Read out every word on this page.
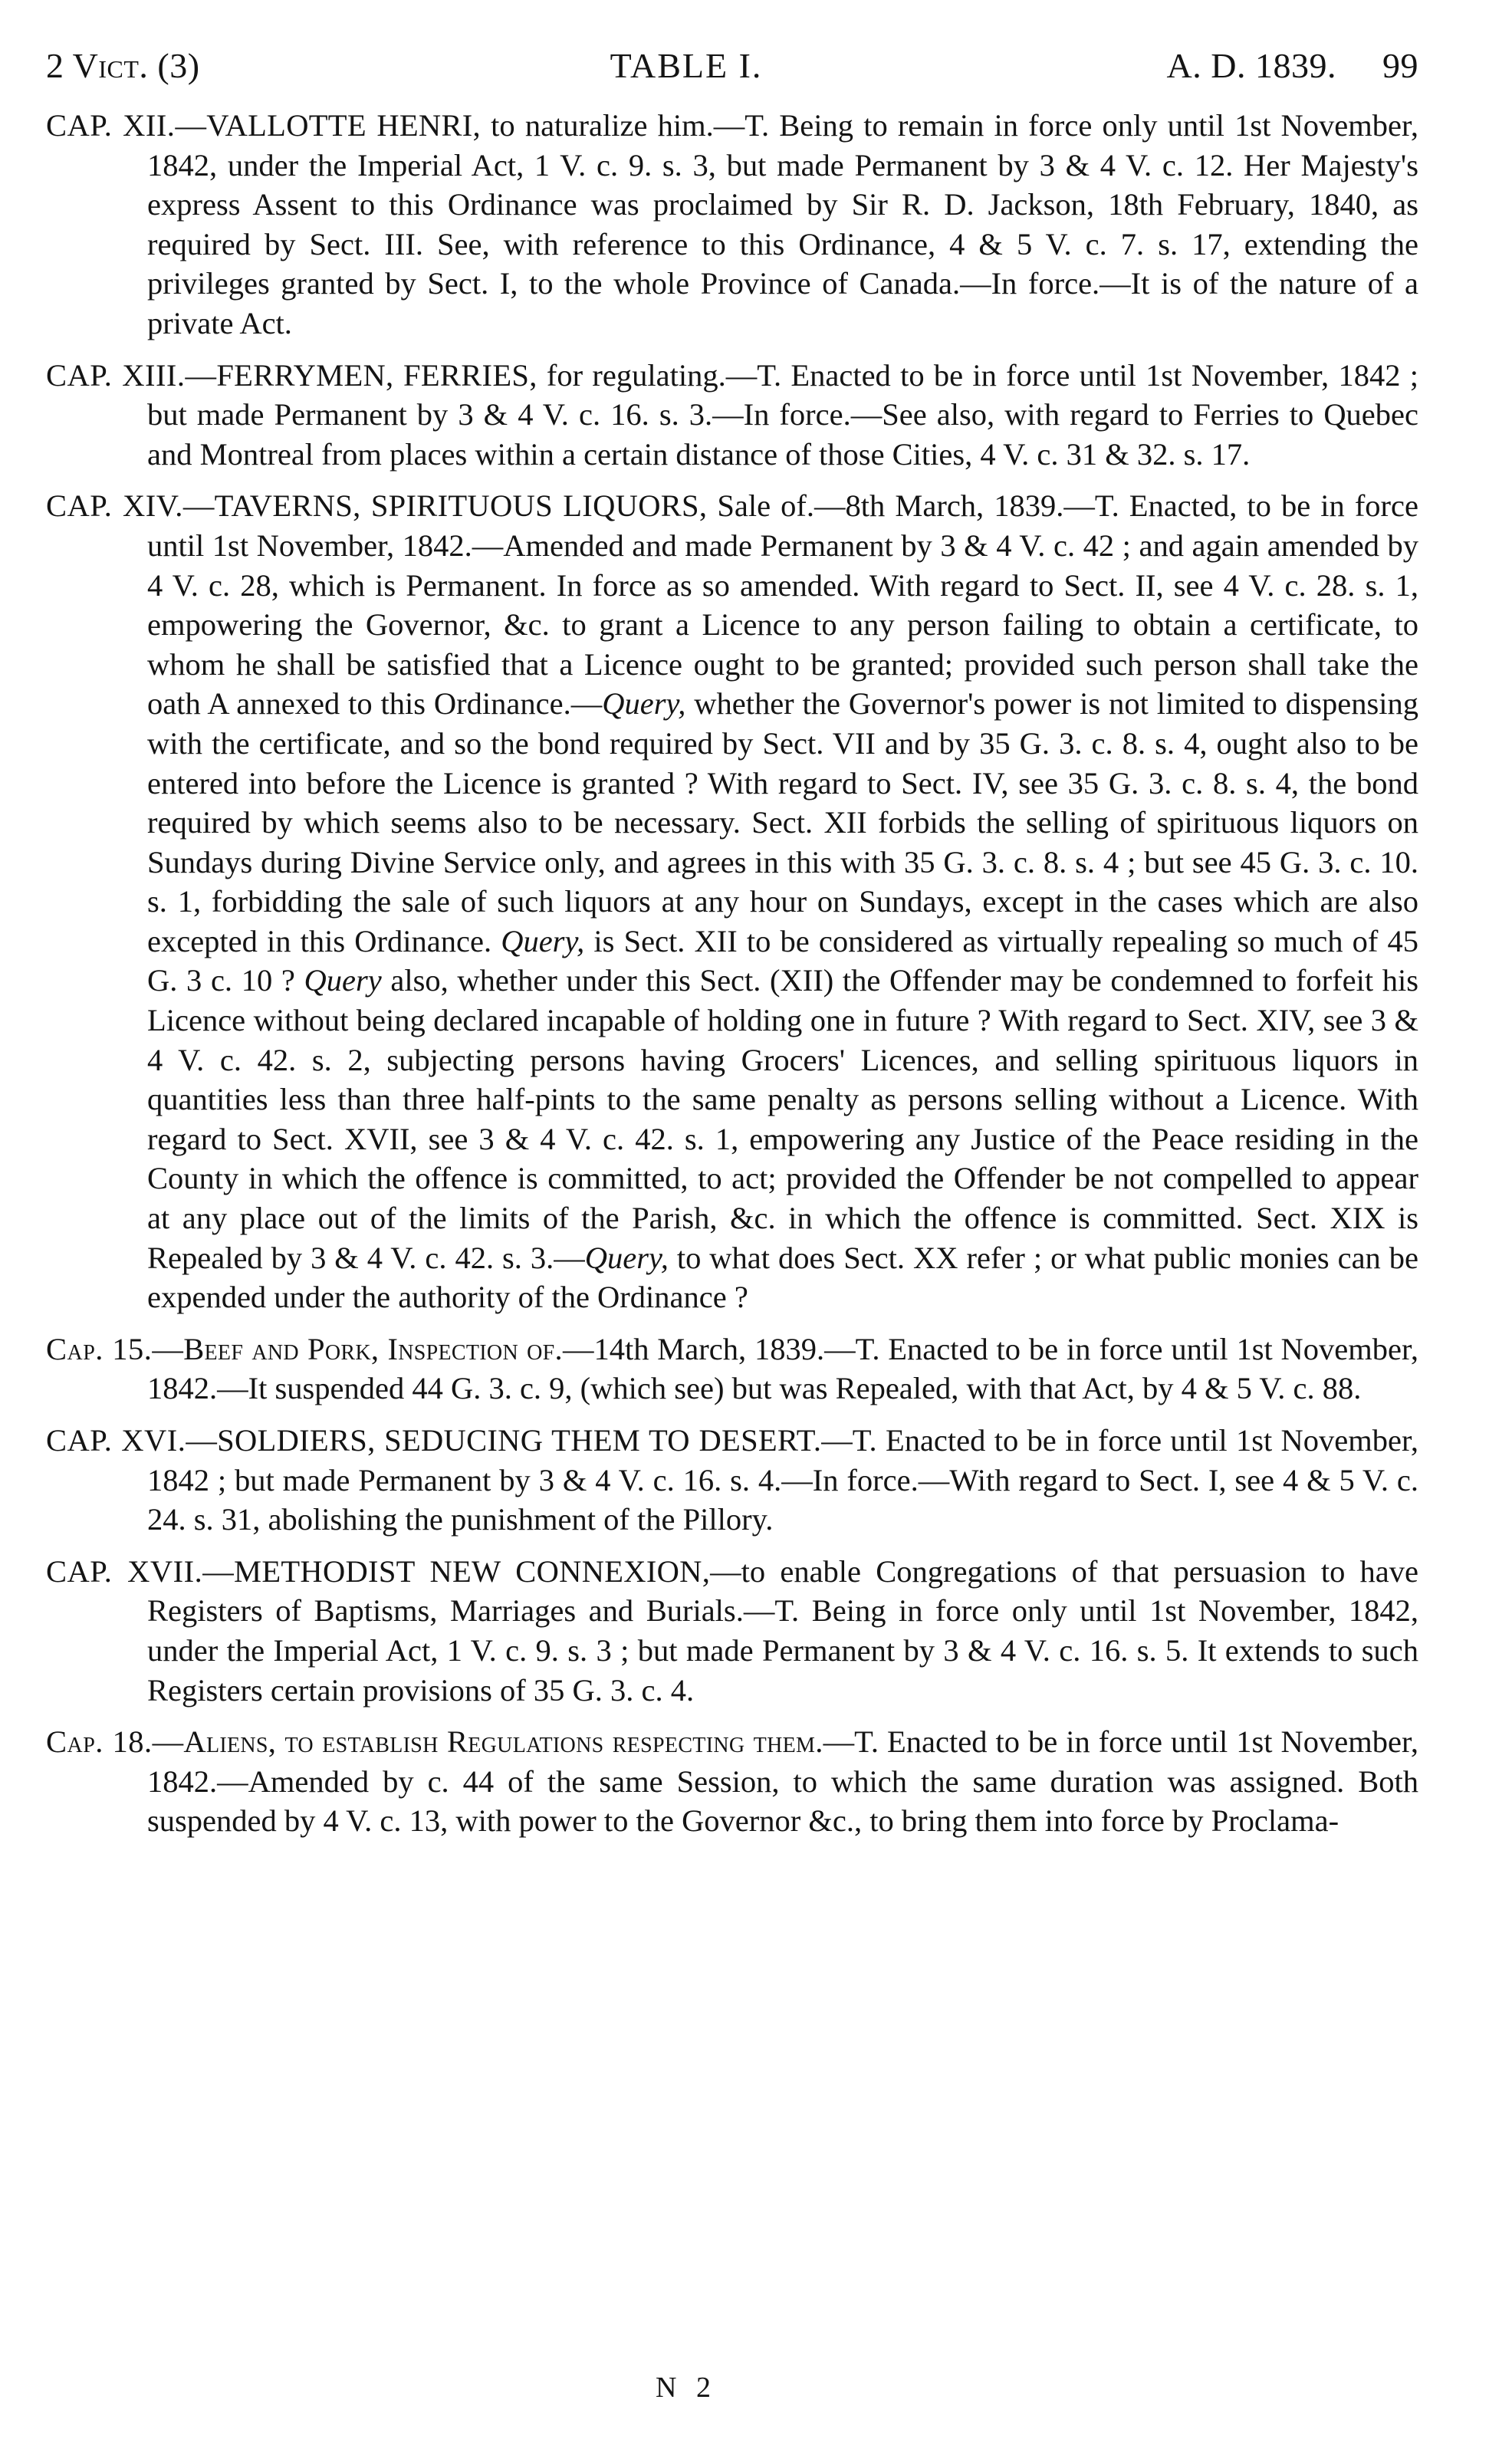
2 Vict. (3)	TABLE I.	A. D. 1839. 99

CAP. XII.—VALLOTTE HENRI, to naturalize him.—T. Being to remain in force only until 1st November, 1842, under the Imperial Act, 1 V. c. 9. s. 3, but made Permanent by 3 & 4 V. c. 12. Her Majesty's express Assent to this Ordinance was proclaimed by Sir R. D. Jackson, 18th February, 1840, as required by Sect. III. See, with reference to this Ordinance, 4 & 5 V. c. 7. s. 17, extending the privileges granted by Sect. I, to the whole Province of Canada.—In force.—It is of the nature of a private Act.

CAP. XIII.—FERRYMEN, FERRIES, for regulating.—T. Enacted to be in force until 1st November, 1842 ; but made Permanent by 3 & 4 V. c. 16. s. 3.—In force.—See also, with regard to Ferries to Quebec and Montreal from places within a certain distance of those Cities, 4 V. c. 31 & 32. s. 17.

CAP. XIV.—TAVERNS, SPIRITUOUS LIQUORS, Sale of.—8th March, 1839.—T. Enacted, to be in force until 1st November, 1842.—Amended and made Permanent by 3 & 4 V. c. 42 ; and again amended by 4 V. c. 28, which is Permanent. In force as so amended. With regard to Sect. II, see 4 V. c. 28. s. 1, empowering the Governor, &c. to grant a Licence to any person failing to obtain a certificate, to whom he shall be satisfied that a Licence ought to be granted; provided such person shall take the oath A annexed to this Ordinance.—Query, whether the Governor's power is not limited to dispensing with the certificate, and so the bond required by Sect. VII and by 35 G. 3. c. 8. s. 4, ought also to be entered into before the Licence is granted ? With regard to Sect. IV, see 35 G. 3. c. 8. s. 4, the bond required by which seems also to be necessary. Sect. XII forbids the selling of spirituous liquors on Sundays during Divine Service only, and agrees in this with 35 G. 3. c. 8. s. 4 ; but see 45 G. 3. c. 10. s. 1, forbidding the sale of such liquors at any hour on Sundays, except in the cases which are also excepted in this Ordinance. Query, is Sect. XII to be considered as virtually repealing so much of 45 G. 3 c. 10 ? Query also, whether under this Sect. (XII) the Offender may be condemned to forfeit his Licence without being declared incapable of holding one in future ? With regard to Sect. XIV, see 3 & 4 V. c. 42. s. 2, subjecting persons having Grocers' Licences, and selling spirituous liquors in quantities less than three half-pints to the same penalty as persons selling without a Licence. With regard to Sect. XVII, see 3 & 4 V. c. 42. s. 1, empowering any Justice of the Peace residing in the County in which the offence is committed, to act; provided the Offender be not compelled to appear at any place out of the limits of the Parish, &c. in which the offence is committed. Sect. XIX is Repealed by 3 & 4 V. c. 42. s. 3.—Query, to what does Sect. XX refer ; or what public monies can be expended under the authority of the Ordinance ?

Cap. 15.—Beef and Pork, Inspection of.—14th March, 1839.—T. Enacted to be in force until 1st November, 1842.—It suspended 44 G. 3. c. 9, (which see) but was Repealed, with that Act, by 4 & 5 V. c. 88.

CAP. XVI.—SOLDIERS, SEDUCING THEM TO DESERT.—T. Enacted to be in force until 1st November, 1842 ; but made Permanent by 3 & 4 V. c. 16. s. 4.—In force.—With regard to Sect. I, see 4 & 5 V. c. 24. s. 31, abolishing the punishment of the Pillory.

CAP. XVII.—METHODIST NEW CONNEXION,—to enable Congregations of that persuasion to have Registers of Baptisms, Marriages and Burials.—T. Being in force only until 1st November, 1842, under the Imperial Act, 1 V. c. 9. s. 3 ; but made Permanent by 3 & 4 V. c. 16. s. 5. It extends to such Registers certain provisions of 35 G. 3. c. 4.

Cap. 18.—Aliens, to establish Regulations respecting them.—T. Enacted to be in force until 1st November, 1842.—Amended by c. 44 of the same Session, to which the same duration was assigned. Both suspended by 4 V. c. 13, with power to the Governor &c., to bring them into force by Proclama-

N 2
